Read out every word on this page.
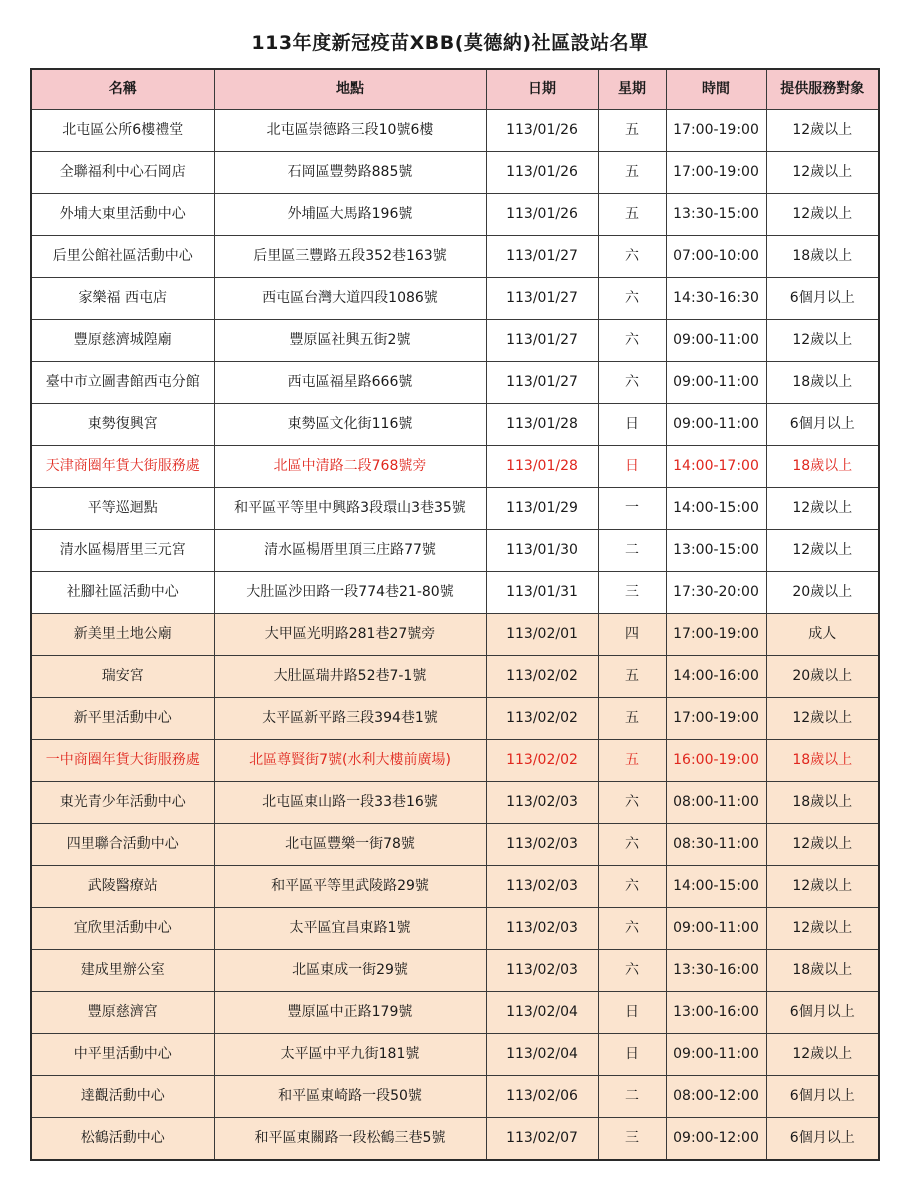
113年度新冠疫苗XBB(莫德納)社區設站名單
名稱	地點	日期	星期	時間	提供服務對象
北屯區公所6樓禮堂	北屯區崇德路三段10號6樓	113/01/26	五	17:00-19:00	12歲以上
全聯福利中心石岡店	石岡區豐勢路885號	113/01/26	五	17:00-19:00	12歲以上
外埔大東里活動中心	外埔區大馬路196號	113/01/26	五	13:30-15:00	12歲以上
后里公館社區活動中心	后里區三豐路五段352巷163號	113/01/27	六	07:00-10:00	18歲以上
家樂福 西屯店	西屯區台灣大道四段1086號	113/01/27	六	14:30-16:30	6個月以上
豐原慈濟城隍廟	豐原區社興五街2號	113/01/27	六	09:00-11:00	12歲以上
臺中市立圖書館西屯分館	西屯區福星路666號	113/01/27	六	09:00-11:00	18歲以上
東勢復興宮	東勢區文化街116號	113/01/28	日	09:00-11:00	6個月以上
天津商圈年貨大街服務處	北區中清路二段768號旁	113/01/28	日	14:00-17:00	18歲以上
平等巡迴點	和平區平等里中興路3段環山3巷35號	113/01/29	一	14:00-15:00	12歲以上
清水區楊厝里三元宮	清水區楊厝里頂三庄路77號	113/01/30	二	13:00-15:00	12歲以上
社腳社區活動中心	大肚區沙田路一段774巷21-80號	113/01/31	三	17:30-20:00	20歲以上
新美里土地公廟	大甲區光明路281巷27號旁	113/02/01	四	17:00-19:00	成人
瑞安宮	大肚區瑞井路52巷7-1號	113/02/02	五	14:00-16:00	20歲以上
新平里活動中心	太平區新平路三段394巷1號	113/02/02	五	17:00-19:00	12歲以上
一中商圈年貨大街服務處	北區尊賢街7號(水利大樓前廣場)	113/02/02	五	16:00-19:00	18歲以上
東光青少年活動中心	北屯區東山路一段33巷16號	113/02/03	六	08:00-11:00	18歲以上
四里聯合活動中心	北屯區豐樂一街78號	113/02/03	六	08:30-11:00	12歲以上
武陵醫療站	和平區平等里武陵路29號	113/02/03	六	14:00-15:00	12歲以上
宜欣里活動中心	太平區宜昌東路1號	113/02/03	六	09:00-11:00	12歲以上
建成里辦公室	北區東成一街29號	113/02/03	六	13:30-16:00	18歲以上
豐原慈濟宮	豐原區中正路179號	113/02/04	日	13:00-16:00	6個月以上
中平里活動中心	太平區中平九街181號	113/02/04	日	09:00-11:00	12歲以上
達觀活動中心	和平區東崎路一段50號	113/02/06	二	08:00-12:00	6個月以上
松鶴活動中心	和平區東關路一段松鶴三巷5號	113/02/07	三	09:00-12:00	6個月以上
